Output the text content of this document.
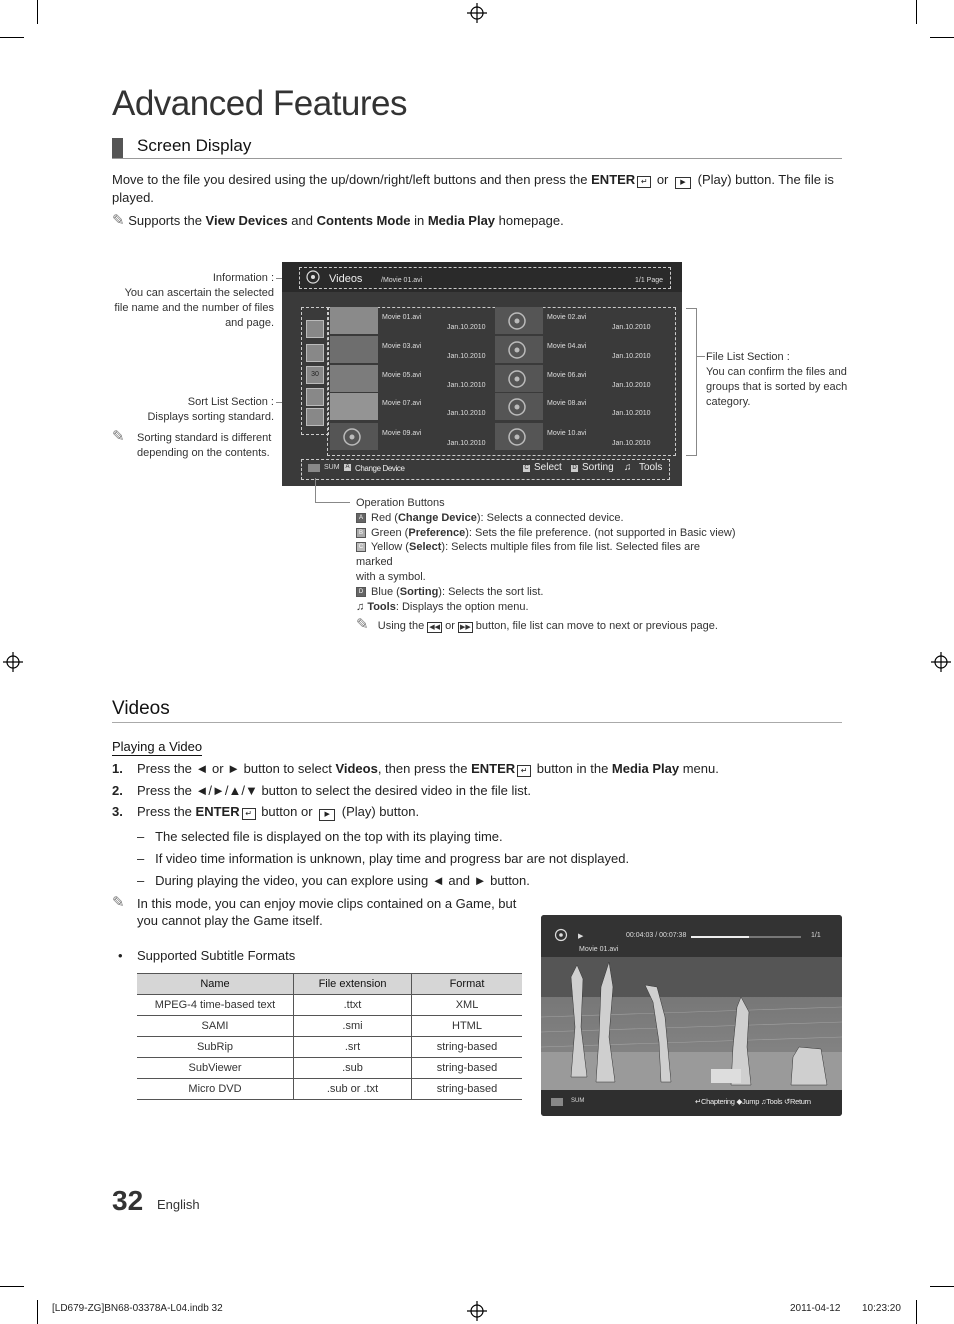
Advanced Features
Screen Display
Move to the file you desired using the up/down/right/left buttons and then press the ENTER ↵ or ▶ (Play) button. The file is played.
✎ Supports the View Devices and Contents Mode in Media Play homepage.
Information :
You can ascertain the selected file name and the number of files and page.
Sort List Section :
Displays sorting standard.
✎ Sorting standard is different depending on the contents.
File List Section :
You can confirm the files and groups that is sorted by each category.
Videos	/Movie 01.avi	1/1 Page
30
Movie 01.avi
Jan.10.2010
Movie 02.avi
Jan.10.2010
Movie 03.avi
Jan.10.2010
Movie 04.avi
Jan.10.2010
Movie 05.avi
Jan.10.2010
Movie 06.avi
Jan.10.2010
Movie 07.avi
Jan.10.2010
Movie 08.avi
Jan.10.2010
Movie 09.avi
Jan.10.2010
Movie 10.avi
Jan.10.2010
SUM A Change Device	C Select D Sorting ♫ Tools
Operation Buttons
A Red (Change Device): Selects a connected device.
B Green (Preference): Sets the file preference. (not supported in Basic view)
C Yellow (Select): Selects multiple files from file list. Selected files are marked
with a symbol.
D Blue (Sorting): Selects the sort list.
♫ Tools: Displays the option menu.
✎ Using the ◀◀ or ▶▶ button, file list can move to next or previous page.
Videos
Playing a Video
1. Press the ◄ or ► button to select Videos, then press the ENTER ↵ button in the Media Play menu.
2. Press the ◄/►/▲/▼ button to select the desired video in the file list.
3. Press the ENTER ↵ button or ▶ (Play) button.
–   The selected file is displayed on the top with its playing time.
–   If video time information is unknown, play time and progress bar are not displayed.
–   During playing the video, you can explore using ◄ and ► button.
✎ In this mode, you can enjoy movie clips contained on a Game, but
you cannot play the Game itself.
•    Supported Subtitle Formats
Name	File extension	Format
MPEG-4 time-based text	.ttxt	XML
SAMI	.smi	HTML
SubRip	.srt	string-based
SubViewer	.sub	string-based
Micro DVD	.sub or .txt	string-based
▶	00:04:03 / 00:07:38	1/1
Movie 01.avi
SUM	↵Chaptering ◆Jump ♫Tools ↺Return
32 English
[LD679-ZG]BN68-03378A-L04.indb 32	2011-04-12 10:23:20
